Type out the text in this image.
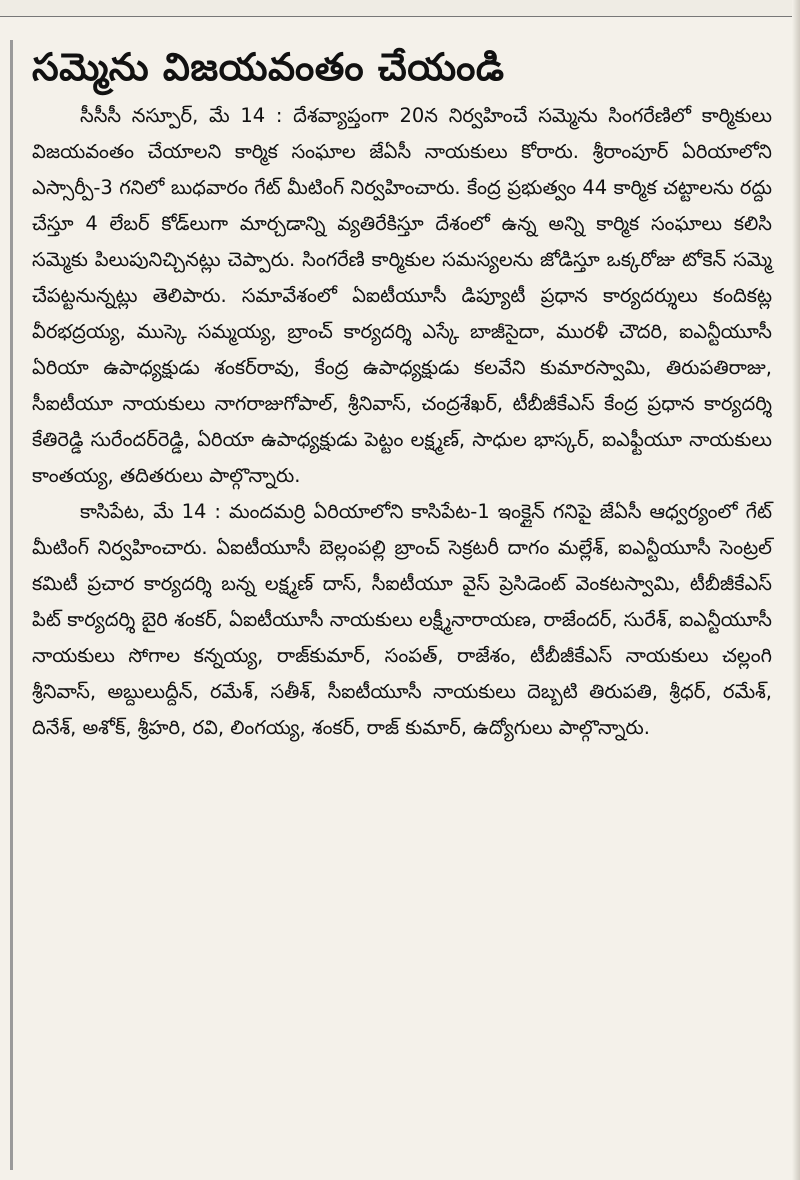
సమ్మెను విజయవంతం చేయండి

సీసీసీ నస్పూర్, మే 14 : దేశవ్యాప్తంగా 20న నిర్వహించే సమ్మెను సింగరేణిలో కార్మికులు విజయవంతం చేయాలని కార్మిక సంఘాల జేఏసీ నాయకులు కోరారు. శ్రీరాంపూర్ ఏరియాలోని ఎస్సార్పీ-3 గనిలో బుధవారం గేట్ మీటింగ్ నిర్వహించారు. కేంద్ర ప్రభుత్వం 44 కార్మిక చట్టాలను రద్దు చేస్తూ 4 లేబర్ కోడ్‌లుగా మార్చడాన్ని వ్యతిరేకిస్తూ దేశంలో ఉన్న అన్ని కార్మిక సంఘాలు కలిసి సమ్మెకు పిలుపునిచ్చినట్లు చెప్పారు. సింగరేణి కార్మికుల సమస్యలను జోడిస్తూ ఒక్కరోజు టోకెన్ సమ్మె చేపట్టనున్నట్లు తెలిపారు. సమావేశంలో ఏఐటీయూసీ డిప్యూటీ ప్రధాన కార్యదర్శులు కందికట్ల వీరభద్రయ్య, ముస్కె సమ్మయ్య, బ్రాంచ్ కార్యదర్శి ఎస్కే బాజీసైదా, మురళీ చౌదరి, ఐఎన్టీయూసీ ఏరియా ఉపాధ్యక్షుడు శంకర్‌రావు, కేంద్ర ఉపాధ్యక్షుడు కలవేని కుమారస్వామి, తిరుపతిరాజు, సీఐటీయూ నాయకులు నాగరాజుగోపాల్, శ్రీనివాస్, చంద్రశేఖర్, టీబీజీకేఎస్ కేంద్ర ప్రధాన కార్యదర్శి కేతిరెడ్డి సురేందర్‌రెడ్డి, ఏరియా ఉపాధ్యక్షుడు పెట్టం లక్ష్మణ్, సాధుల భాస్కర్, ఐఎఫ్టీయూ నాయకులు కాంతయ్య, తదితరులు పాల్గొన్నారు.

కాసిపేట, మే 14 : మందమర్రి ఏరియాలోని కాసిపేట-1 ఇంక్లైన్ గనిపై జేఏసీ ఆధ్వర్యంలో గేట్ మీటింగ్ నిర్వహించారు. ఏఐటీయూసీ బెల్లంపల్లి బ్రాంచ్ సెక్రటరీ దాగం మల్లేశ్, ఐఎన్టీయూసీ సెంట్రల్ కమిటీ ప్రచార కార్యదర్శి బన్న లక్ష్మణ్ దాస్, సీఐటీయూ వైస్ ప్రెసిడెంట్ వెంకటస్వామి, టీబీజీకేఎస్ పిట్ కార్యదర్శి బైరి శంకర్, ఏఐటీయూసీ నాయకులు లక్ష్మీనారాయణ, రాజేందర్, సురేశ్, ఐఎన్టీయూసీ నాయకులు సోగాల కన్నయ్య, రాజ్‌కుమార్, సంపత్, రాజేశం, టీబీజీకేఎస్ నాయకులు చల్లంగి శ్రీనివాస్, అబ్దులుద్దీన్, రమేశ్, సతీశ్, సీఐటీయూసీ నాయకులు దెబ్బటి తిరుపతి, శ్రీధర్, రమేశ్, దినేశ్, అశోక్, శ్రీహరి, రవి, లింగయ్య, శంకర్, రాజ్ కుమార్, ఉద్యోగులు పాల్గొన్నారు.
